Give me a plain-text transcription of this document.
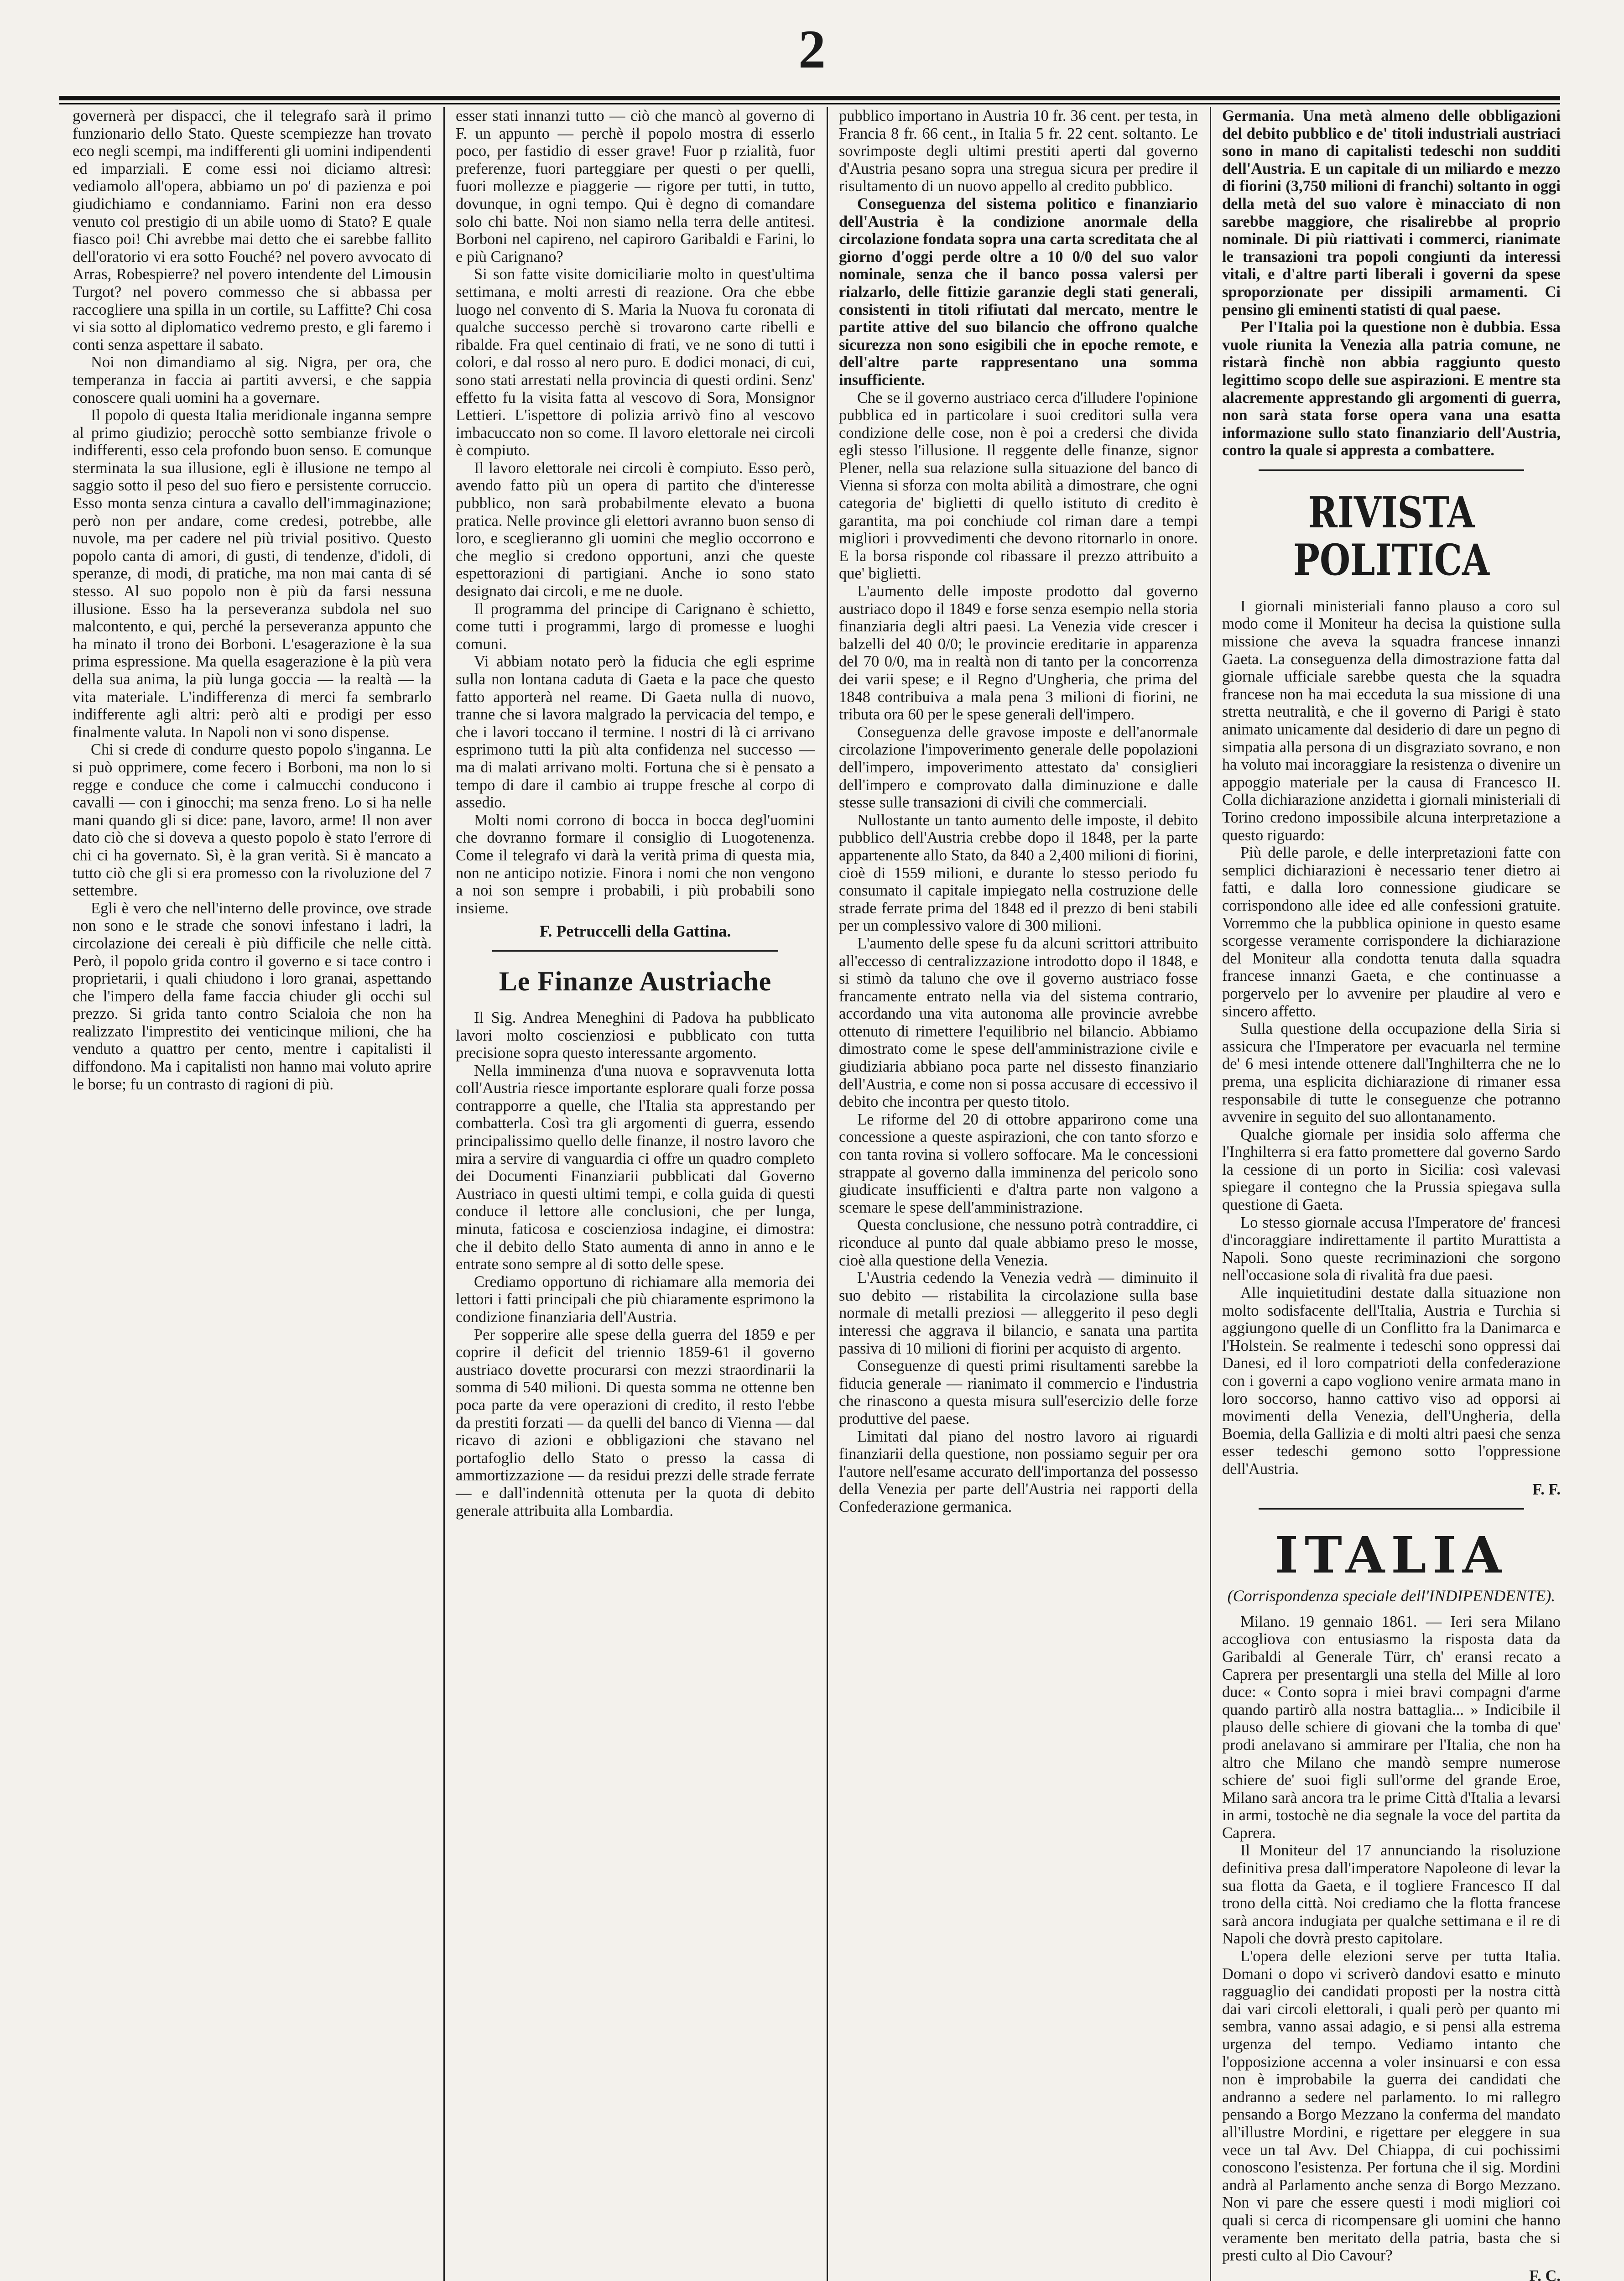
2

governerà per dispacci, che il telegrafo sarà il primo funzionario dello Stato. Queste scempiezze han trovato eco negli scempi, ma indifferenti gli uomini indipendenti ed imparziali. E come essi noi diciamo altresì: vediamolo all'opera, abbiamo un po' di pazienza e poi giudichiamo e condanniamo. Farini non era desso venuto col prestigio di un abile uomo di Stato? E quale fiasco poi! Chi avrebbe mai detto che ei sarebbe fallito dell'oratorio vi era sotto Fouché? nel povero avvocato di Arras, Robespierre? nel povero intendente del Limousin Turgot? nel povero commesso che si abbassa per raccogliere una spilla in un cortile, su Laffitte? Chi cosa vi sia sotto al diplomatico vedremo presto, e gli faremo i conti senza aspettare il sabato.

Noi non dimandiamo al sig. Nigra, per ora, che temperanza in faccia ai partiti avversi, e che sappia conoscere quali uomini ha a governare.

Il popolo di questa Italia meridionale inganna sempre al primo giudizio; perocchè sotto sembianze frivole o indifferenti, esso cela profondo buon senso. E comunque sterminata la sua illusione, egli è illusione ne tempo al saggio sotto il peso del suo fiero e persistente corruccio. Esso monta senza cintura a cavallo dell'immaginazione; però non per andare, come credesi, potrebbe, alle nuvole, ma per cadere nel più trivial positivo. Questo popolo canta di amori, di gusti, di tendenze, d'idoli, di speranze, di modi, di pratiche, ma non mai canta di sé stesso. Al suo popolo non è più da farsi nessuna illusione. Esso ha la perseveranza subdola nel suo malcontento, e qui, perché la perseveranza appunto che ha minato il trono dei Borboni. L'esagerazione è la sua prima espressione. Ma quella esagerazione è la più vera della sua anima, la più lunga goccia — la realtà — la vita materiale. L'indifferenza di merci fa sembrarlo indifferente agli altri: però alti e prodigi per esso finalmente valuta. In Napoli non vi sono dispense.

Chi si crede di condurre questo popolo s'inganna. Le si può opprimere, come fecero i Borboni, ma non lo si regge e conduce che come i calmucchi conducono i cavalli — con i ginocchi; ma senza freno. Lo si ha nelle mani quando gli si dice: pane, lavoro, arme! Il non aver dato ciò che si doveva a questo popolo è stato l'errore di chi ci ha governato. Sì, è la gran verità. Si è mancato a tutto ciò che gli si era promesso con la rivoluzione del 7 settembre.

Egli è vero che nell'interno delle province, ove strade non sono e le strade che sonovi infestano i ladri, la circolazione dei cereali è più difficile che nelle città. Però, il popolo grida contro il governo e si tace contro i proprietarii, i quali chiudono i loro granai, aspettando che l'impero della fame faccia chiuder gli occhi sul prezzo. Si grida tanto contro Scialoia che non ha realizzato l'imprestito dei venticinque milioni, che ha venduto a quattro per cento, mentre i capitalisti il diffondono. Ma i capitalisti non hanno mai voluto aprire le borse; fu un contrasto di ragioni di più.

esser stati innanzi tutto — ciò che mancò al governo di F. un appunto — perchè il popolo mostra di esserlo poco, per fastidio di esser grave! Fuor p rzialità, fuor preferenze, fuori parteggiare per questi o per quelli, fuori mollezze e piaggerie — rigore per tutti, in tutto, dovunque, in ogni tempo. Qui è degno di comandare solo chi batte. Noi non siamo nella terra delle antitesi. Borboni nel capireno, nel capiroro Garibaldi e Farini, lo e più Carignano?

Si son fatte visite domiciliarie molto in quest'ultima settimana, e molti arresti di reazione. Ora che ebbe luogo nel convento di S. Maria la Nuova fu coronata di qualche successo perchè si trovarono carte ribelli e ribalde. Fra quel centinaio di frati, ve ne sono di tutti i colori, e dal rosso al nero puro. E dodici monaci, di cui, sono stati arrestati nella provincia di questi ordini. Senz' effetto fu la visita fatta al vescovo di Sora, Monsignor Lettieri. L'ispettore di polizia arrivò fino al vescovo imbacuccato non so come. Il lavoro elettorale nei circoli è compiuto.

Il lavoro elettorale nei circoli è compiuto. Esso però, avendo fatto più un opera di partito che d'interesse pubblico, non sarà probabilmente elevato a buona pratica. Nelle province gli elettori avranno buon senso di loro, e sceglieranno gli uomini che meglio occorrono e che meglio si credono opportuni, anzi che queste espettorazioni di partigiani. Anche io sono stato designato dai circoli, e me ne duole.

Il programma del principe di Carignano è schietto, come tutti i programmi, largo di promesse e luoghi comuni.

Vi abbiam notato però la fiducia che egli esprime sulla non lontana caduta di Gaeta e la pace che questo fatto apporterà nel reame. Di Gaeta nulla di nuovo, tranne che si lavora malgrado la pervicacia del tempo, e che i lavori toccano il termine. I nostri di là ci arrivano esprimono tutti la più alta confidenza nel successo — ma di malati arrivano molti. Fortuna che si è pensato a tempo di dare il cambio ai truppe fresche al corpo di assedio.

Molti nomi corrono di bocca in bocca degl'uomini che dovranno formare il consiglio di Luogotenenza. Come il telegrafo vi darà la verità prima di questa mia, non ne anticipo notizie. Finora i nomi che non vengono a noi son sempre i probabili, i più probabili sono insieme.

F. Petruccelli della Gattina.

Le Finanze Austriache

Il Sig. Andrea Meneghini di Padova ha pubblicato lavori molto coscienziosi e pubblicato con tutta precisione sopra questo interessante argomento.

Nella imminenza d'una nuova e sopravvenuta lotta coll'Austria riesce importante esplorare quali forze possa contrapporre a quelle, che l'Italia sta apprestando per combatterla. Così tra gli argomenti di guerra, essendo principalissimo quello delle finanze, il nostro lavoro che mira a servire di vanguardia ci offre un quadro completo dei Documenti Finanziarii pubblicati dal Governo Austriaco in questi ultimi tempi, e colla guida di questi conduce il lettore alle conclusioni, che per lunga, minuta, faticosa e coscienziosa indagine, ei dimostra: che il debito dello Stato aumenta di anno in anno e le entrate sono sempre al di sotto delle spese.

Crediamo opportuno di richiamare alla memoria dei lettori i fatti principali che più chiaramente esprimono la condizione finanziaria dell'Austria.

Per sopperire alle spese della guerra del 1859 e per coprire il deficit del triennio 1859-61 il governo austriaco dovette procurarsi con mezzi straordinarii la somma di 540 milioni. Di questa somma ne ottenne ben poca parte da vere operazioni di credito, il resto l'ebbe da prestiti forzati — da quelli del banco di Vienna — dal ricavo di azioni e obbligazioni che stavano nel portafoglio dello Stato o presso la cassa di ammortizzazione — da residui prezzi delle strade ferrate — e dall'indennità ottenuta per la quota di debito generale attribuita alla Lombardia.

pubblico importano in Austria 10 fr. 36 cent. per testa, in Francia 8 fr. 66 cent., in Italia 5 fr. 22 cent. soltanto. Le sovrimposte degli ultimi prestiti aperti dal governo d'Austria pesano sopra una stregua sicura per predire il risultamento di un nuovo appello al credito pubblico.

Conseguenza del sistema politico e finanziario dell'Austria è la condizione anormale della circolazione fondata sopra una carta screditata che al giorno d'oggi perde oltre a 10 0/0 del suo valor nominale, senza che il banco possa valersi per rialzarlo, delle fittizie garanzie degli stati generali, consistenti in titoli rifiutati dal mercato, mentre le partite attive del suo bilancio che offrono qualche sicurezza non sono esigibili che in epoche remote, e dell'altre parte rappresentano una somma insufficiente.

Che se il governo austriaco cerca d'illudere l'opinione pubblica ed in particolare i suoi creditori sulla vera condizione delle cose, non è poi a credersi che divida egli stesso l'illusione. Il reggente delle finanze, signor Plener, nella sua relazione sulla situazione del banco di Vienna si sforza con molta abilità a dimostrare, che ogni categoria de' biglietti di quello istituto di credito è garantita, ma poi conchiude col riman dare a tempi migliori i provvedimenti che devono ritornarlo in onore. E la borsa risponde col ribassare il prezzo attribuito a que' biglietti.

L'aumento delle imposte prodotto dal governo austriaco dopo il 1849 e forse senza esempio nella storia finanziaria degli altri paesi. La Venezia vide crescer i balzelli del 40 0/0; le provincie ereditarie in apparenza del 70 0/0, ma in realtà non di tanto per la concorrenza dei varii spese; e il Regno d'Ungheria, che prima del 1848 contribuiva a mala pena 3 milioni di fiorini, ne tributa ora 60 per le spese generali dell'impero.

Conseguenza delle gravose imposte e dell'anormale circolazione l'impoverimento generale delle popolazioni dell'impero, impoverimento attestato da' consiglieri dell'impero e comprovato dalla diminuzione e dalle stesse sulle transazioni di civili che commerciali.

Nullostante un tanto aumento delle imposte, il debito pubblico dell'Austria crebbe dopo il 1848, per la parte appartenente allo Stato, da 840 a 2,400 milioni di fiorini, cioè di 1559 milioni, e durante lo stesso periodo fu consumato il capitale impiegato nella costruzione delle strade ferrate prima del 1848 ed il prezzo di beni stabili per un complessivo valore di 300 milioni.

L'aumento delle spese fu da alcuni scrittori attribuito all'eccesso di centralizzazione introdotto dopo il 1848, e si stimò da taluno che ove il governo austriaco fosse francamente entrato nella via del sistema contrario, accordando una vita autonoma alle provincie avrebbe ottenuto di rimettere l'equilibrio nel bilancio. Abbiamo dimostrato come le spese dell'amministrazione civile e giudiziaria abbiano poca parte nel dissesto finanziario dell'Austria, e come non si possa accusare di eccessivo il debito che incontra per questo titolo.

Le riforme del 20 di ottobre apparirono come una concessione a queste aspirazioni, che con tanto sforzo e con tanta rovina si vollero soffocare. Ma le concessioni strappate al governo dalla imminenza del pericolo sono giudicate insufficienti e d'altra parte non valgono a scemare le spese dell'amministrazione.

Questa conclusione, che nessuno potrà contraddire, ci riconduce al punto dal quale abbiamo preso le mosse, cioè alla questione della Venezia.

L'Austria cedendo la Venezia vedrà — diminuito il suo debito — ristabilita la circolazione sulla base normale di metalli preziosi — alleggerito il peso degli interessi che aggrava il bilancio, e sanata una partita passiva di 10 milioni di fiorini per acquisto di argento.

Conseguenze di questi primi risultamenti sarebbe la fiducia generale — rianimato il commercio e l'industria che rinascono a questa misura sull'esercizio delle forze produttive del paese.

Limitati dal piano del nostro lavoro ai riguardi finanziarii della questione, non possiamo seguir per ora l'autore nell'esame accurato dell'importanza del possesso della Venezia per parte dell'Austria nei rapporti della Confederazione germanica.

Germania. Una metà almeno delle obbligazioni del debito pubblico e de' titoli industriali austriaci sono in mano di capitalisti tedeschi non sudditi dell'Austria. E un capitale di un miliardo e mezzo di fiorini (3,750 milioni di franchi) soltanto in oggi della metà del suo valore è minacciato di non sarebbe maggiore, che risalirebbe al proprio nominale. Di più riattivati i commerci, rianimate le transazioni tra popoli congiunti da interessi vitali, e d'altre parti liberali i governi da spese sproporzionate per dissipili armamenti. Ci pensino gli eminenti statisti di qual paese.

Per l'Italia poi la questione non è dubbia. Essa vuole riunita la Venezia alla patria comune, ne ristarà finchè non abbia raggiunto questo legittimo scopo delle sue aspirazioni. E mentre sta alacremente apprestando gli argomenti di guerra, non sarà stata forse opera vana una esatta informazione sullo stato finanziario dell'Austria, contro la quale si appresta a combattere.

RIVISTA POLITICA

I giornali ministeriali fanno plauso a coro sul modo come il Moniteur ha decisa la quistione sulla missione che aveva la squadra francese innanzi Gaeta. La conseguenza della dimostrazione fatta dal giornale ufficiale sarebbe questa che la squadra francese non ha mai ecceduta la sua missione di una stretta neutralità, e che il governo di Parigi è stato animato unicamente dal desiderio di dare un pegno di simpatia alla persona di un disgraziato sovrano, e non ha voluto mai incoraggiare la resistenza o divenire un appoggio materiale per la causa di Francesco II. Colla dichiarazione anzidetta i giornali ministeriali di Torino credono impossibile alcuna interpretazione a questo riguardo:

Più delle parole, e delle interpretazioni fatte con semplici dichiarazioni è necessario tener dietro ai fatti, e dalla loro connessione giudicare se corrispondono alle idee ed alle confessioni gratuite. Vorremmo che la pubblica opinione in questo esame scorgesse veramente corrispondere la dichiarazione del Moniteur alla condotta tenuta dalla squadra francese innanzi Gaeta, e che continuasse a porgervelo per lo avvenire per plaudire al vero e sincero affetto.

Sulla questione della occupazione della Siria si assicura che l'Imperatore per evacuarla nel termine de' 6 mesi intende ottenere dall'Inghilterra che ne lo prema, una esplicita dichiarazione di rimaner essa responsabile di tutte le conseguenze che potranno avvenire in seguito del suo allontanamento.

Qualche giornale per insidia solo afferma che l'Inghilterra si era fatto promettere dal governo Sardo la cessione di un porto in Sicilia: così valevasi spiegare il contegno che la Prussia spiegava sulla questione di Gaeta.

Lo stesso giornale accusa l'Imperatore de' francesi d'incoraggiare indirettamente il partito Murattista a Napoli. Sono queste recriminazioni che sorgono nell'occasione sola di rivalità fra due paesi.

Alle inquietitudini destate dalla situazione non molto sodisfacente dell'Italia, Austria e Turchia si aggiungono quelle di un Conflitto fra la Danimarca e l'Holstein. Se realmente i tedeschi sono oppressi dai Danesi, ed il loro compatrioti della confederazione con i governi a capo vogliono venire armata mano in loro soccorso, hanno cattivo viso ad opporsi ai movimenti della Venezia, dell'Ungheria, della Boemia, della Gallizia e di molti altri paesi che senza esser tedeschi gemono sotto l'oppressione dell'Austria.

F. F.

ITALIA
(Corrispondenza speciale dell'INDIPENDENTE).

Milano. 19 gennaio 1861. — Ieri sera Milano accogliova con entusiasmo la risposta data da Garibaldi al Generale Türr, ch' eransi recato a Caprera per presentargli una stella del Mille al loro duce: « Conto sopra i miei bravi compagni d'arme quando partirò alla nostra battaglia... » Indicibile il plauso delle schiere di giovani che la tomba di que' prodi anelavano si ammirare per l'Italia, che non ha altro che Milano che mandò sempre numerose schiere de' suoi figli sull'orme del grande Eroe, Milano sarà ancora tra le prime Città d'Italia a levarsi in armi, tostochè ne dia segnale la voce del partita da Caprera.

Il Moniteur del 17 annunciando la risoluzione definitiva presa dall'imperatore Napoleone di levar la sua flotta da Gaeta, e il togliere Francesco II dal trono della città. Noi crediamo che la flotta francese sarà ancora indugiata per qualche settimana e il re di Napoli che dovrà presto capitolare.

L'opera delle elezioni serve per tutta Italia. Domani o dopo vi scriverò dandovi esatto e minuto ragguaglio dei candidati proposti per la nostra città dai vari circoli elettorali, i quali però per quanto mi sembra, vanno assai adagio, e si pensi alla estrema urgenza del tempo. Vediamo intanto che l'opposizione accenna a voler insinuarsi e con essa non è improbabile la guerra dei candidati che andranno a sedere nel parlamento. Io mi rallegro pensando a Borgo Mezzano la conferma del mandato all'illustre Mordini, e rigettare per eleggere in sua vece un tal Avv. Del Chiappa, di cui pochissimi conoscono l'esistenza. Per fortuna che il sig. Mordini andrà al Parlamento anche senza di Borgo Mezzano. Non vi pare che essere questi i modi migliori coi quali si cerca di ricompensare gli uomini che hanno veramente ben meritato della patria, basta che si presti culto al Dio Cavour?

F. C.
